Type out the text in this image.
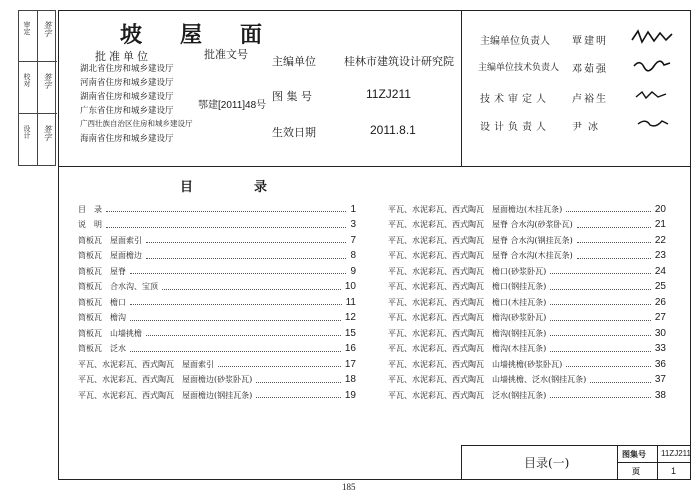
审定
校对
设计
签字
签字
签字
坡屋面
批准单位
湖北省住房和城乡建设厅
河南省住房和城乡建设厅
湖南省住房和城乡建设厅
广东省住房和城乡建设厅
广西壮族自治区住房和城乡建设厅
海南省住房和城乡建设厅
批准文号
鄂建[2011]48号
主编单位	桂林市建筑设计研究院
图 集 号	11ZJ211
生效日期	2011.8.1
主编单位负责人 覃建明
主编单位技术负责人 邓茹强
技术审定人 卢裕生
设计负责人 尹冰
目	录
目　录	1
说　明	3
筒板瓦　屋面索引	7
筒板瓦　屋面檐边	8
筒板瓦　屋脊	9
筒板瓦　合水沟、宝顶	10
筒板瓦　檐口	11
筒板瓦　檐沟	12
筒板瓦　山墙挑檐	15
筒板瓦　泛水	16
平瓦、水泥彩瓦、西式陶瓦　屋面索引	17
平瓦、水泥彩瓦、西式陶瓦　屋面檐边(砂浆卧瓦)	18
平瓦、水泥彩瓦、西式陶瓦　屋面檐边(钢挂瓦条)	19
平瓦、水泥彩瓦、西式陶瓦　屋面檐边(木挂瓦条)	20
平瓦、水泥彩瓦、西式陶瓦　屋脊 合水沟(砂浆卧瓦)	21
平瓦、水泥彩瓦、西式陶瓦　屋脊 合水沟(钢挂瓦条)	22
平瓦、水泥彩瓦、西式陶瓦　屋脊 合水沟(木挂瓦条)	23
平瓦、水泥彩瓦、西式陶瓦　檐口(砂浆卧瓦)	24
平瓦、水泥彩瓦、西式陶瓦　檐口(钢挂瓦条)	25
平瓦、水泥彩瓦、西式陶瓦　檐口(木挂瓦条)	26
平瓦、水泥彩瓦、西式陶瓦　檐沟(砂浆卧瓦)	27
平瓦、水泥彩瓦、西式陶瓦　檐沟(钢挂瓦条)	30
平瓦、水泥彩瓦、西式陶瓦　檐沟(木挂瓦条)	33
平瓦、水泥彩瓦、西式陶瓦　山墙挑檐(砂浆卧瓦)	36
平瓦、水泥彩瓦、西式陶瓦　山墙挑檐、泛水(钢挂瓦条)	37
平瓦、水泥彩瓦、西式陶瓦　泛水(钢挂瓦条)	38
目录(一)
图集号 11ZJ211
页	1
185
